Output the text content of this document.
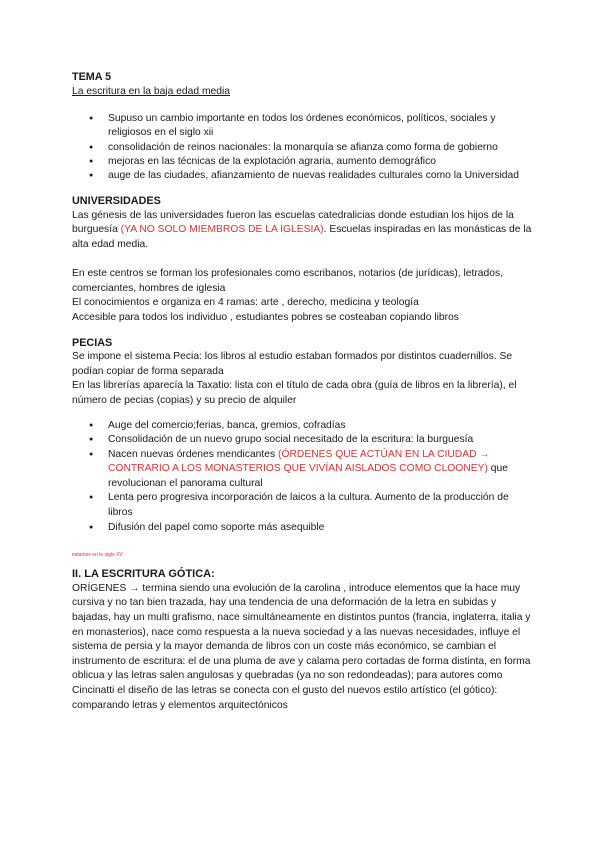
TEMA 5
La escritura en la baja edad media
● Supuso un cambio importante en todos los órdenes económicos, políticos, sociales y religiosos en el siglo xii
● consolidación de reinos nacionales: la monarquía se afianza como forma de gobierno
● mejoras en las técnicas de la explotación agraria, aumento demográfico
● auge de las ciudades, afianzamiento de nuevas realidades culturales como la Universidad
UNIVERSIDADES

Las génesis de las universidades fueron las escuelas catedralicias donde estudian los hijos de la burguesía (YA NO SOLO MIEMBROS DE LA IGLESIA). Escuelas inspiradas en las monásticas de la alta edad media.

En este centros se forman los profesionales como escribanos, notarios (de jurídicas), letrados, comerciantes, hombres de iglesia

El conocimientos e organiza en 4 ramas: arte , derecho, medicina y teología

Accesible para todos los individuo , estudiantes pobres se costeaban copiando libros

PECIAS

Se impone el sistema Pecia: los libros al estudio estaban formados por distintos cuadernillos. Se podían copiar de forma separada

En las librerías aparecía la Taxatio: lista con el título de cada obra (guía de libros en la librería), el número de pecias (copias) y su precio de alquiler

● Auge del comercio;ferias, banca, gremios, cofradías
● Consolidación de un nuevo grupo social necesitado de la escritura: la burguesía
● Nacen nuevas órdenes mendicantes (ÓRDENES QUE ACTÚAN EN LA CIUDAD → CONTRARIO A LOS MONASTERIOS QUE VIVÍAN AISLADOS COMO CLOONEY) que revolucionan el panorama cultural
● Lenta pero progresiva incorporación de laicos a la cultura. Aumento de la producción de libros
● Difusión del papel como soporte más asequible
estamos en le siglo XV
II. LA ESCRITURA GÓTICA:

ORÍGENES → termina siendo una evolución de la carolina , introduce elementos que la hace muy cursiva y no tan bien trazada, hay una tendencia de una deformación de la letra en subidas y bajadas, hay un multi grafismo, nace simultáneamente en distintos puntos (francia, inglaterra, italia y en monasterios), nace como respuesta a la nueva sociedad y a las nuevas necesidades, influye el sistema de persia y la mayor demanda de libros con un coste más económico, se cambian el instrumento de escritura: el de una pluma de ave y calama pero cortadas de forma distinta, en forma oblicua y las letras salen angulosas y quebradas (ya no son redondeadas); para autores como Cincinatti el diseño de las letras se conecta con el gusto del nuevos estilo artístico (el gótico): comparando letras y elementos arquitectónicos
